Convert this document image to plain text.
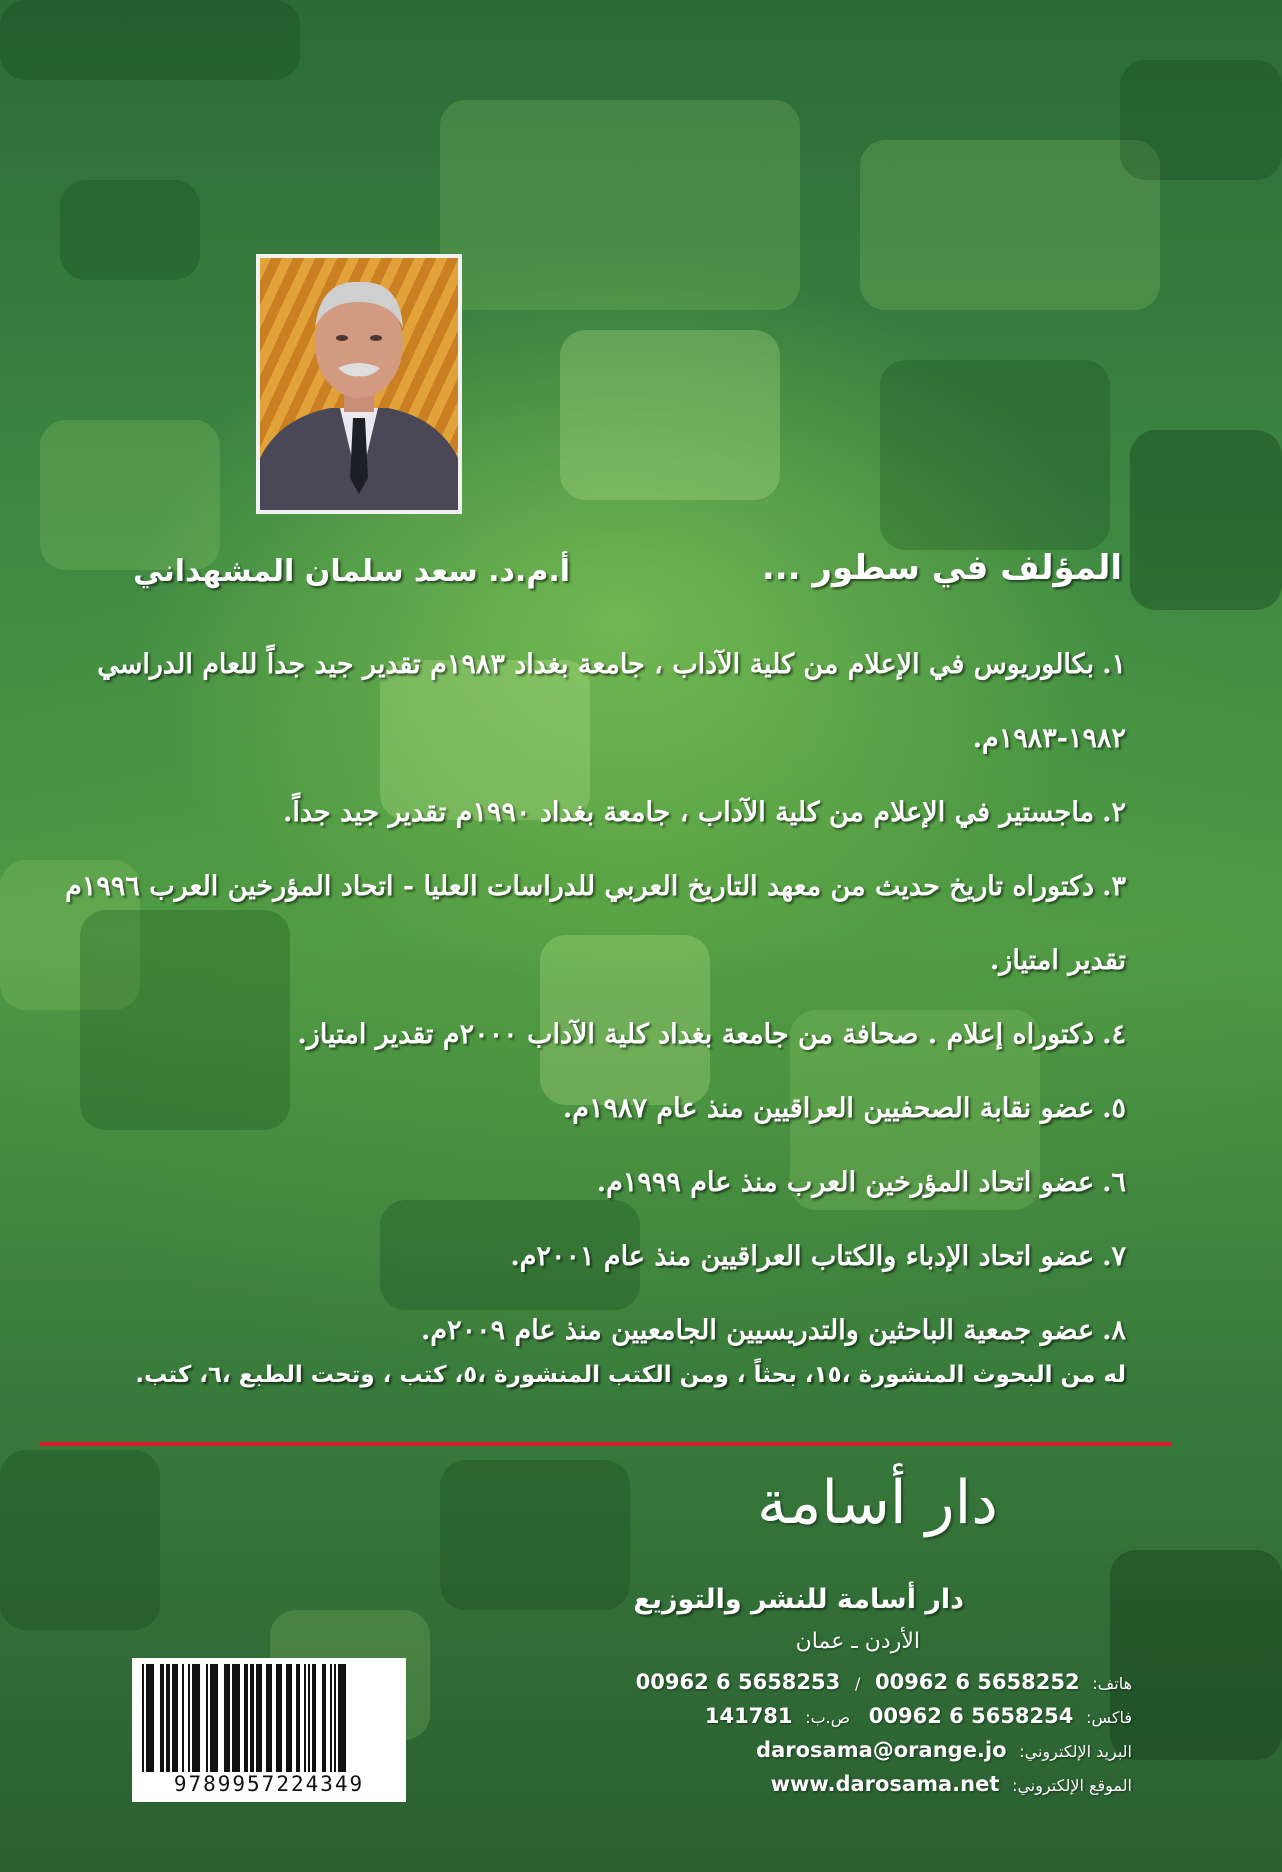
المؤلف في سطور ...
أ.م.د. سعد سلمان المشهداني
١.بكالوريوس في الإعلام من كلية الآداب ، جامعة بغداد ١٩٨٣م تقدير جيد جداً للعام الدراسي ١٩٨٢-١٩٨٣م.
٢.ماجستير في الإعلام من كلية الآداب ، جامعة بغداد ١٩٩٠م تقدير جيد جداً.
٣.دكتوراه تاريخ حديث من معهد التاريخ العربي للدراسات العليا - اتحاد المؤرخين العرب ١٩٩٦م تقدير امتياز.
٤.دكتوراه إعلام . صحافة من جامعة بغداد كلية الآداب ٢٠٠٠م تقدير امتياز.
٥.عضو نقابة الصحفيين العراقيين منذ عام ١٩٨٧م.
٦.عضو اتحاد المؤرخين العرب منذ عام ١٩٩٩م.
٧.عضو اتحاد الإدباء والكتاب العراقيين منذ عام ٢٠٠١م.
٨.عضو جمعية الباحثين والتدريسيين الجامعيين منذ عام ٢٠٠٩م.
له من البحوث المنشورة ،١٥، بحثاً ، ومن الكتب المنشورة ،٥، كتب ، وتحت الطبع ،٦، كتب.
دار أسامة
دار أسامة للنشر والتوزيع
الأردن ـ عمان
هاتف: 00962 6 5658253 / 00962 6 5658252
فاكس: 00962 6 5658254 ص.ب: 141781
البريد الإلكتروني: darosama@orange.jo
الموقع الإلكتروني: www.darosama.net
9789957224349
